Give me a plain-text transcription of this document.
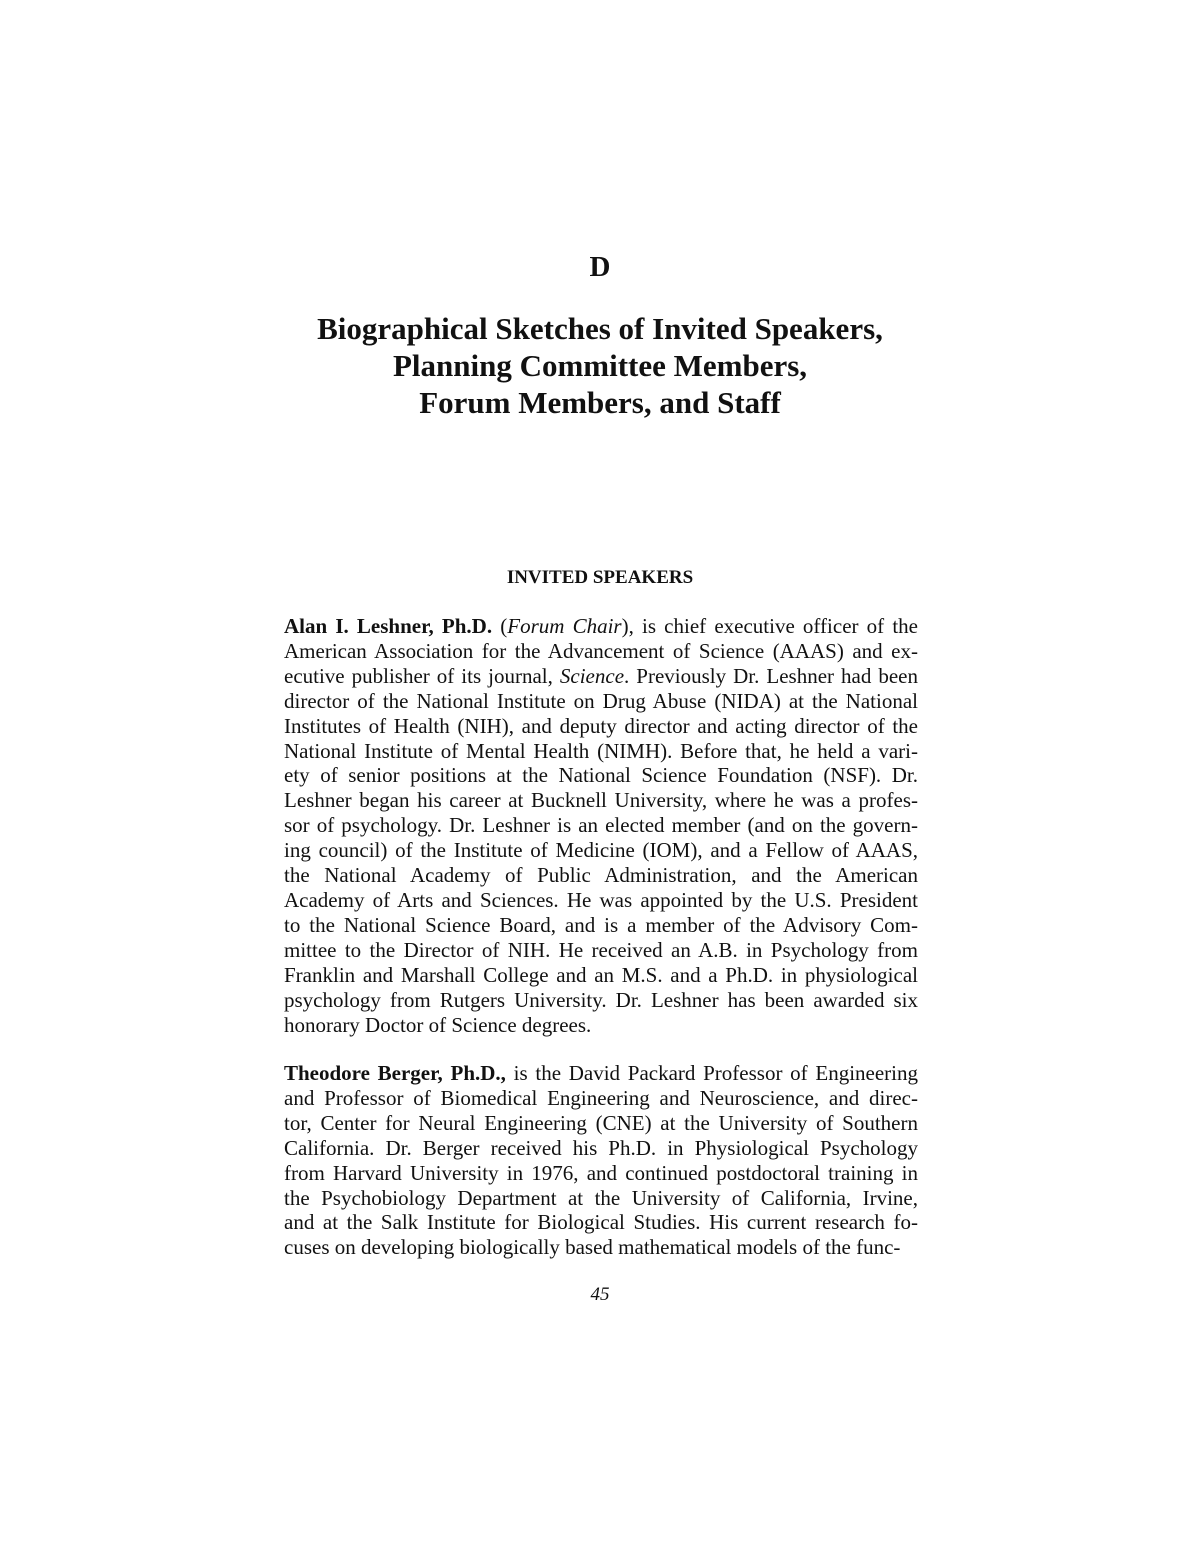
D
Biographical Sketches of Invited Speakers,
Planning Committee Members,
Forum Members, and Staff
INVITED SPEAKERS
Alan I. Leshner, Ph.D. (Forum Chair), is chief executive officer of the
American Association for the Advancement of Science (AAAS) and ex-
ecutive publisher of its journal, Science. Previously Dr. Leshner had been
director of the National Institute on Drug Abuse (NIDA) at the National
Institutes of Health (NIH), and deputy director and acting director of the
National Institute of Mental Health (NIMH). Before that, he held a vari-
ety of senior positions at the National Science Foundation (NSF). Dr.
Leshner began his career at Bucknell University, where he was a profes-
sor of psychology. Dr. Leshner is an elected member (and on the govern-
ing council) of the Institute of Medicine (IOM), and a Fellow of AAAS,
the National Academy of Public Administration, and the American
Academy of Arts and Sciences. He was appointed by the U.S. President
to the National Science Board, and is a member of the Advisory Com-
mittee to the Director of NIH. He received an A.B. in Psychology from
Franklin and Marshall College and an M.S. and a Ph.D. in physiological
psychology from Rutgers University. Dr. Leshner has been awarded six
honorary Doctor of Science degrees.
Theodore Berger, Ph.D., is the David Packard Professor of Engineering
and Professor of Biomedical Engineering and Neuroscience, and direc-
tor, Center for Neural Engineering (CNE) at the University of Southern
California. Dr. Berger received his Ph.D. in Physiological Psychology
from Harvard University in 1976, and continued postdoctoral training in
the Psychobiology Department at the University of California, Irvine,
and at the Salk Institute for Biological Studies. His current research fo-
cuses on developing biologically based mathematical models of the func-
45
